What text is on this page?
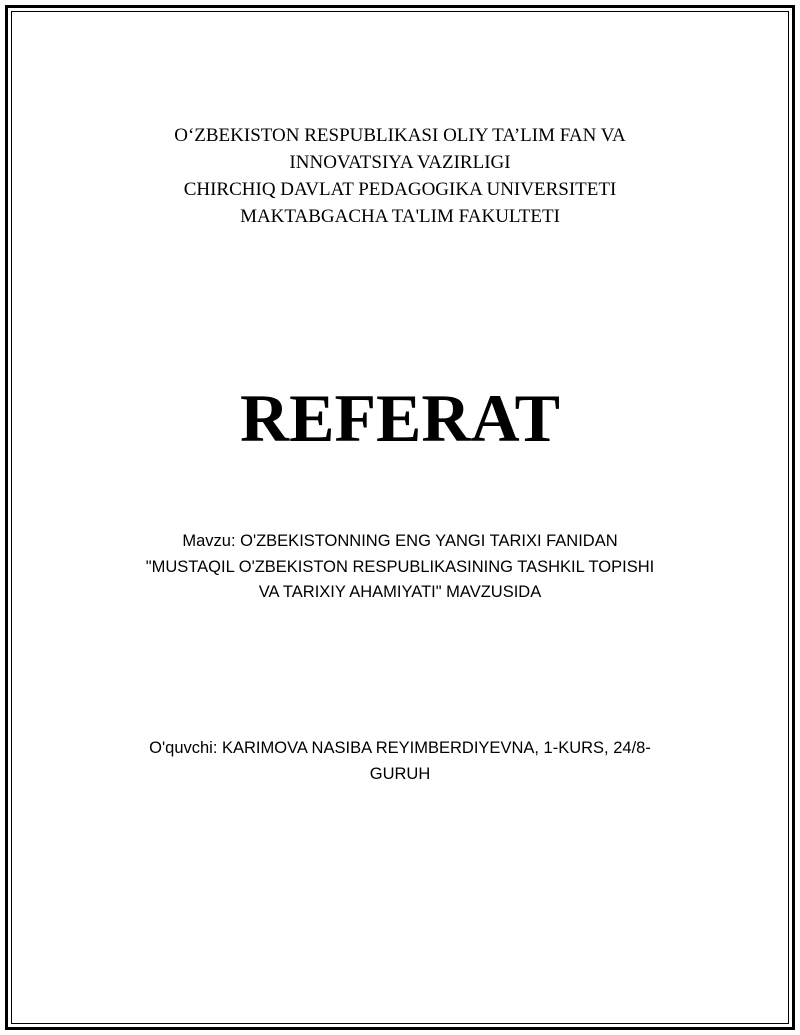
O‘ZBEKISTON RESPUBLIKASI OLIY TA’LIM FAN VA
INNOVATSIYA VAZIRLIGI
CHIRCHIQ DAVLAT PEDAGOGIKA UNIVERSITETI
MAKTABGACHA TA'LIM FAKULTETI
REFERAT
Mavzu: O'ZBEKISTONNING ENG YANGI TARIXI FANIDAN
"MUSTAQIL O'ZBEKISTON RESPUBLIKASINING TASHKIL TOPISHI
VA TARIXIY AHAMIYATI" MAVZUSIDA
O'quvchi: KARIMOVA NASIBA REYIMBERDIYEVNA, 1-KURS, 24/8-
GURUH
